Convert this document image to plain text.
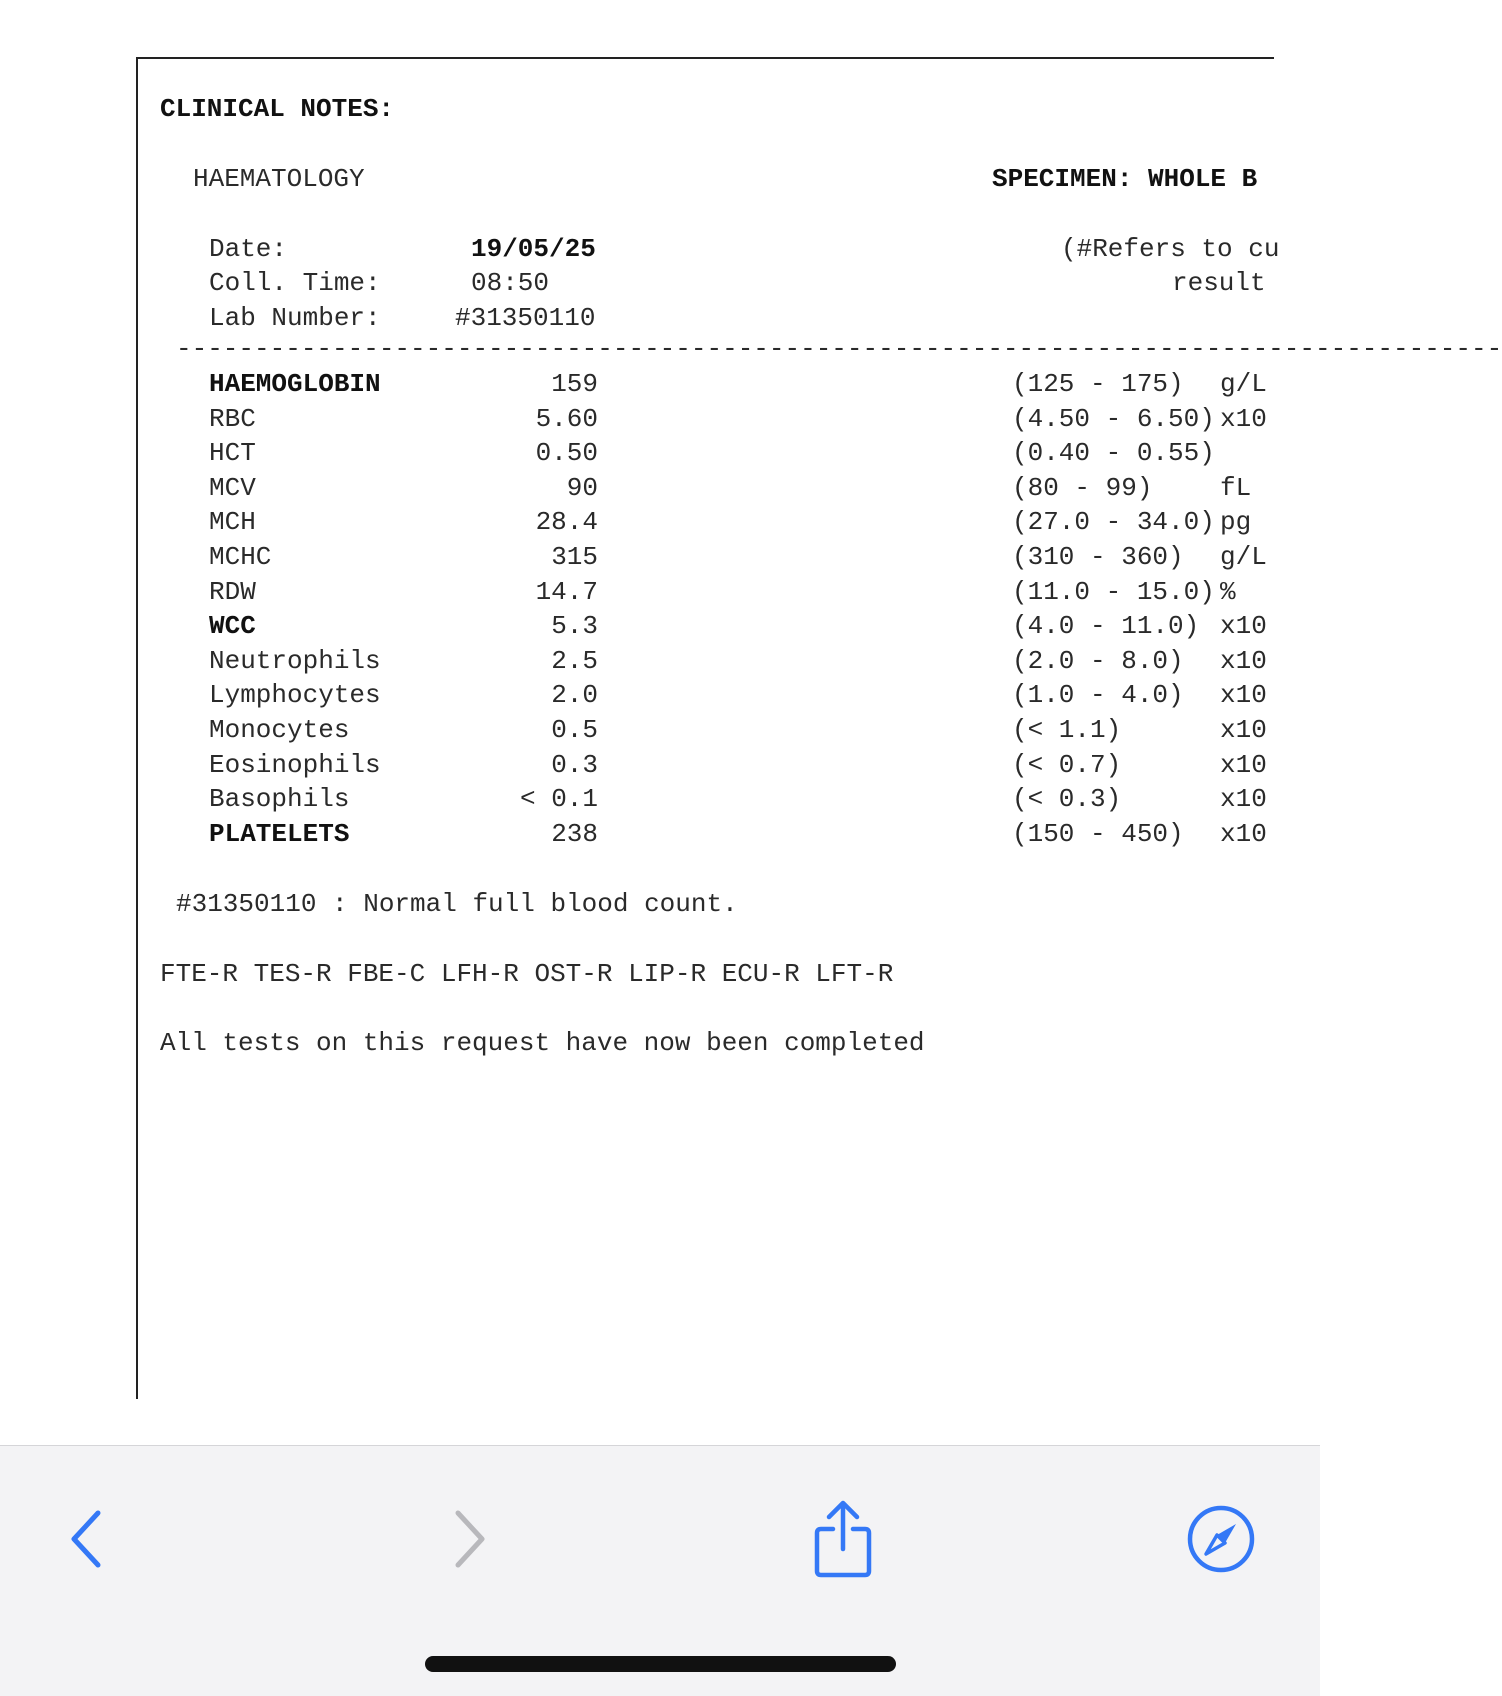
CLINICAL NOTES:
HAEMATOLOGY	SPECIMEN: WHOLE B
Date:	19/05/25	(#Refers to cu
Coll. Time:	08:50	result
Lab Number:	#31350110
-------------------------------------------------------------------------------------
HAEMOGLOBIN	159	(125 - 175) g/L
RBC	5.60	(4.50 - 6.50) x10
HCT	0.50	(0.40 - 0.55)
MCV	90	(80 - 99)	fL
MCH	28.4	(27.0 - 34.0) pg
MCHC	315	(310 - 360) g/L
RDW	14.7	(11.0 - 15.0) %
WCC	5.3	(4.0 - 11.0) x10
Neutrophils	2.5	(2.0 - 8.0) x10
Lymphocytes	2.0	(1.0 - 4.0) x10
Monocytes	0.5	(< 1.1)	x10
Eosinophils	0.3	(< 0.7)	x10
Basophils	< 0.1	(< 0.3)	x10
PLATELETS	238	(150 - 450) x10
#31350110 : Normal full blood count.
FTE-R TES-R FBE-C LFH-R OST-R LIP-R ECU-R LFT-R
All tests on this request have now been completed
